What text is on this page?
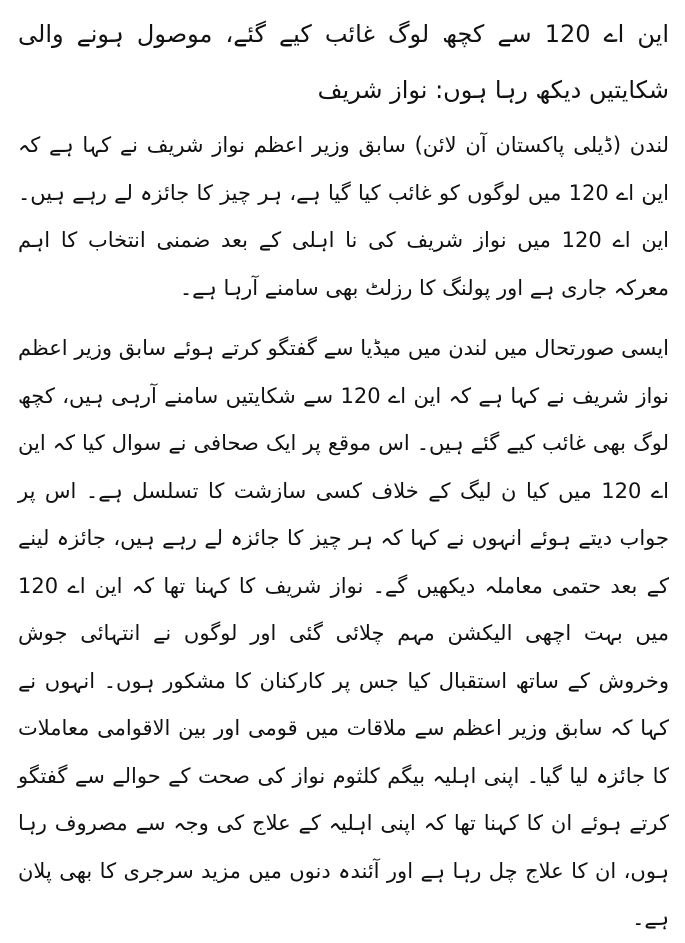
این اے 120 سے کچھ لوگ غائب کیے گئے، موصول ہونے والی شکایتیں دیکھ رہا ہوں: نواز شریف

لندن (ڈیلی پاکستان آن لائن) سابق وزیر اعظم نواز شریف نے کہا ہے کہ این اے 120 میں لوگوں کو غائب کیا گیا ہے، ہر چیز کا جائزہ لے رہے ہیں۔ این اے 120 میں نواز شریف کی نا اہلی کے بعد ضمنی انتخاب کا اہم معرکہ جاری ہے اور پولنگ کا رزلٹ بھی سامنے آرہا ہے۔

ایسی صورتحال میں لندن میں میڈیا سے گفتگو کرتے ہوئے سابق وزیر اعظم نواز شریف نے کہا ہے کہ این اے 120 سے شکایتیں سامنے آرہی ہیں، کچھ لوگ بھی غائب کیے گئے ہیں۔ اس موقع پر ایک صحافی نے سوال کیا کہ این اے 120 میں کیا ن لیگ کے خلاف کسی سازشت کا تسلسل ہے۔ اس پر جواب دیتے ہوئے انہوں نے کہا کہ ہر چیز کا جائزہ لے رہے ہیں، جائزہ لینے کے بعد حتمی معاملہ دیکھیں گے۔ نواز شریف کا کہنا تھا کہ این اے 120 میں بہت اچھی الیکشن مہم چلائی گئی اور لوگوں نے انتہائی جوش وخروش کے ساتھ استقبال کیا جس پر کارکنان کا مشکور ہوں۔ انہوں نے کہا کہ سابق وزیر اعظم سے ملاقات میں قومی اور بین الاقوامی معاملات کا جائزہ لیا گیا۔ اپنی اہلیہ بیگم کلثوم نواز کی صحت کے حوالے سے گفتگو کرتے ہوئے ان کا کہنا تھا کہ اپنی اہلیہ کے علاج کی وجہ سے مصروف رہا ہوں، ان کا علاج چل رہا ہے اور آئندہ دنوں میں مزید سرجری کا بھی پلان ہے۔
